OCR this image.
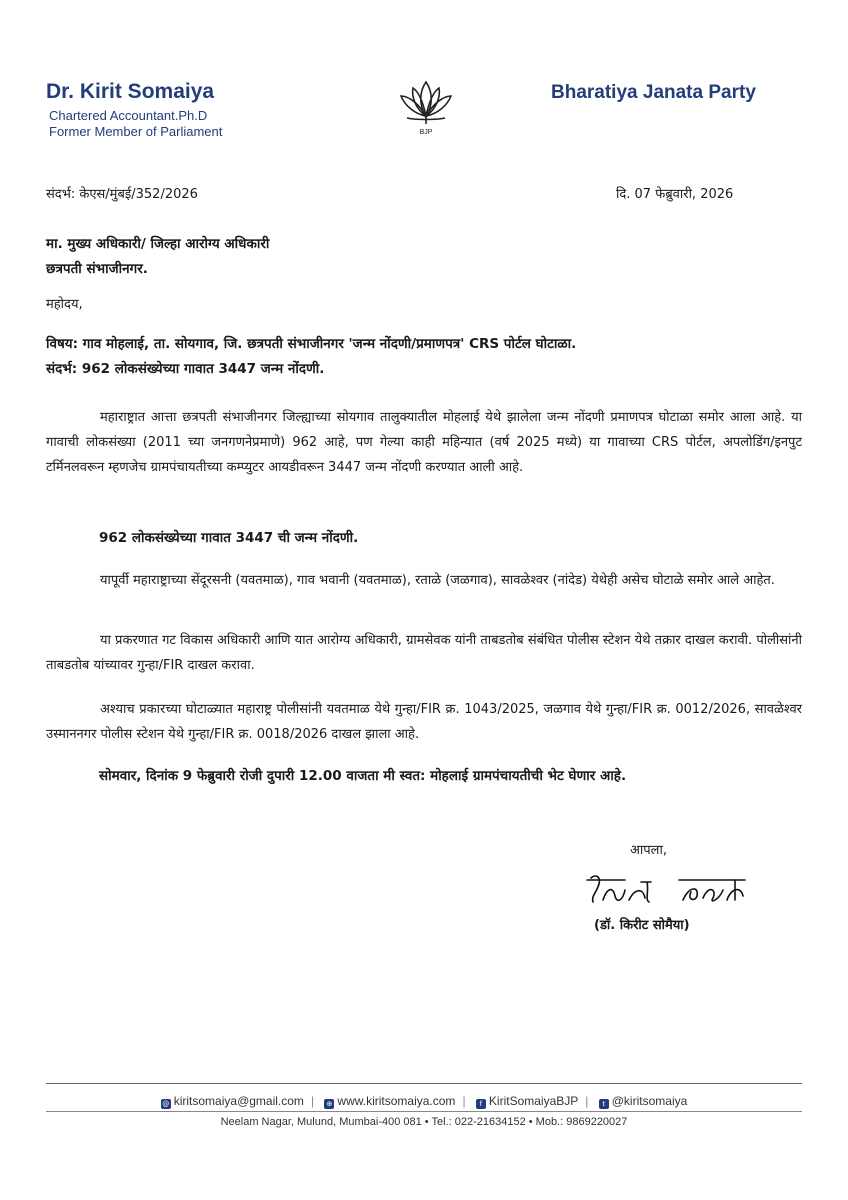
Dr. Kirit Somaiya
Chartered Accountant.Ph.D
Former Member of Parliament	BJP
Bharatiya Janata Party
संदर्भ: केएस/मुंबई/352/2026	दि. 07 फेब्रुवारी, 2026
मा. मुख्य अधिकारी/ जिल्हा आरोग्य अधिकारी
छत्रपती संभाजीनगर.
महोदय,
विषय: गाव मोहलाई, ता. सोयगाव, जि. छत्रपती संभाजीनगर 'जन्म नोंदणी/प्रमाणपत्र' CRS पोर्टल घोटाळा.
संदर्भ: 962 लोकसंख्येच्या गावात 3447 जन्म नोंदणी.

महाराष्ट्रात आत्ता छत्रपती संभाजीनगर जिल्ह्याच्या सोयगाव तालुक्यातील मोहलाई येथे झालेला जन्म नोंदणी प्रमाणपत्र घोटाळा समोर आला आहे. या गावाची लोकसंख्या (2011 च्या जनगणनेप्रमाणे) 962 आहे, पण गेल्या काही महिन्यात (वर्ष 2025 मध्ये) या गावाच्या CRS पोर्टल, अपलोडिंग/इनपुट टर्मिनलवरून म्हणजेच ग्रामपंचायतीच्या कम्प्युटर आयडीवरून 3447 जन्म नोंदणी करण्यात आली आहे.

962 लोकसंख्येच्या गावात 3447 ची जन्म नोंदणी.

यापूर्वी महाराष्ट्राच्या सेंदूरसनी (यवतमाळ), गाव भवानी (यवतमाळ), रताळे (जळगाव), सावळेश्वर (नांदेड) येथेही असेच घोटाळे समोर आले आहेत.

या प्रकरणात गट विकास अधिकारी आणि यात आरोग्य अधिकारी, ग्रामसेवक यांनी ताबडतोब संबंधित पोलीस स्टेशन येथे तक्रार दाखल करावी. पोलीसांनी ताबडतोब यांच्यावर गुन्हा/FIR दाखल करावा.

अश्याच प्रकारच्या घोटाळ्यात महाराष्ट्र पोलीसांनी यवतमाळ येथे गुन्हा/FIR क्र. 1043/2025, जळगाव येथे गुन्हा/FIR क्र. 0012/2026, सावळेश्वर उस्माननगर पोलीस स्टेशन येथे गुन्हा/FIR क्र. 0018/2026 दाखल झाला आहे.

सोमवार, दिनांक 9 फेब्रुवारी रोजी दुपारी 12.00 वाजता मी स्वत: मोहलाई ग्रामपंचायतीची भेट घेणार आहे.
आपला,
(डॉ. किरीट सोमैया)
@ kiritsomaiya@gmail.com | ⊕ www.kiritsomaiya.com | f KiritSomaiyaBJP | t @kiritsomaiya
Neelam Nagar, Mulund, Mumbai-400 081 • Tel.: 022-21634152 • Mob.: 9869220027
